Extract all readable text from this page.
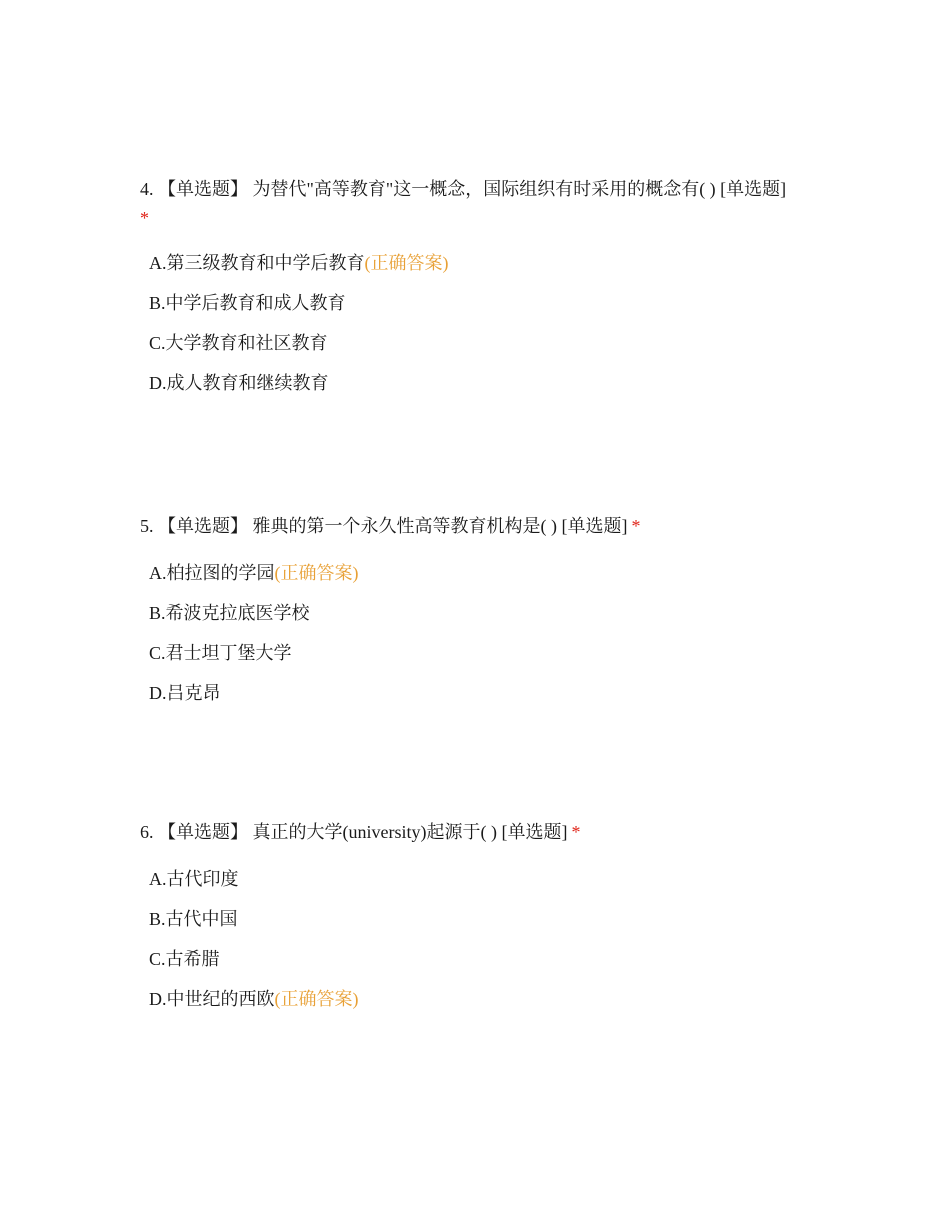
4. 【单选题】 为替代"高等教育"这一概念，国际组织有时采用的概念有( ) [单选题]
*

A.第三级教育和中学后教育(正确答案)
B.中学后教育和成人教育
C.大学教育和社区教育
D.成人教育和继续教育

5. 【单选题】 雅典的第一个永久性高等教育机构是( ) [单选题] *

A.柏拉图的学园(正确答案)
B.希波克拉底医学校
C.君士坦丁堡大学
D.吕克昂

6. 【单选题】 真正的大学(university)起源于( ) [单选题] *

A.古代印度
B.古代中国
C.古希腊
D.中世纪的西欧(正确答案)
